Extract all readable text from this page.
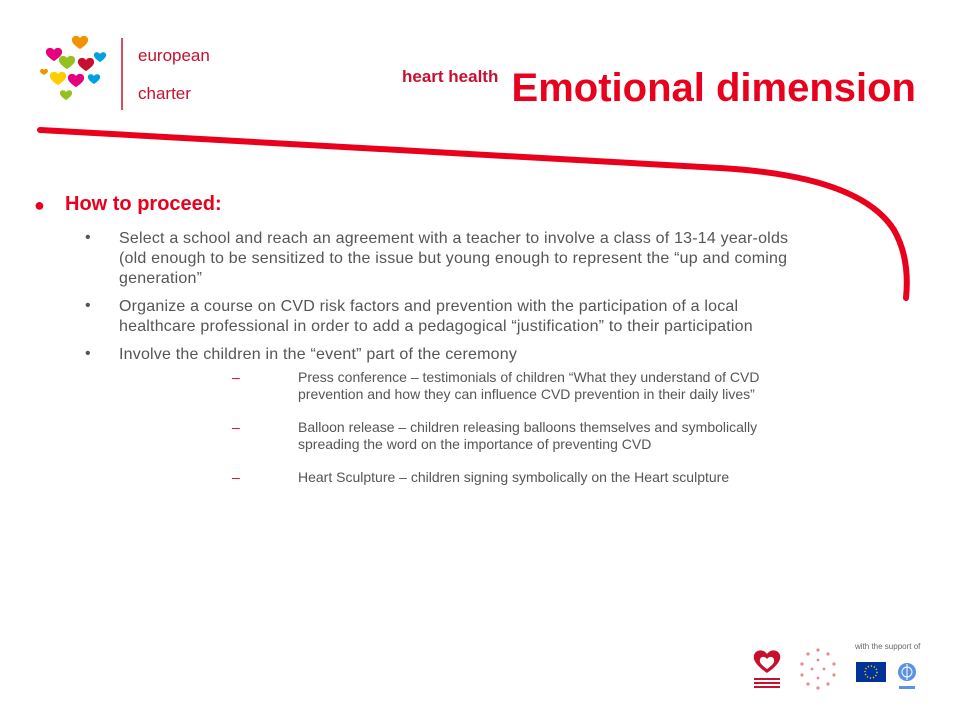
european
heart health
charter	Emotional dimension
● How to proceed:
• Select a school and reach an agreement with a teacher to involve a class of 13-14 year-olds (old enough to be sensitized to the issue but young enough to represent the “up and coming generation”
• Organize a course on CVD risk factors and prevention with the participation of a local healthcare professional in order to add a pedagogical “justification” to their participation
• Involve the children in the “event” part of the ceremony
–	Press conference – testimonials of children “What they understand of CVD prevention and how they can influence CVD prevention in their daily lives”
–	Balloon release – children releasing balloons themselves and symbolically spreading the word on the importance of preventing CVD
–	Heart Sculpture – children signing symbolically on the Heart sculpture
with the support of
